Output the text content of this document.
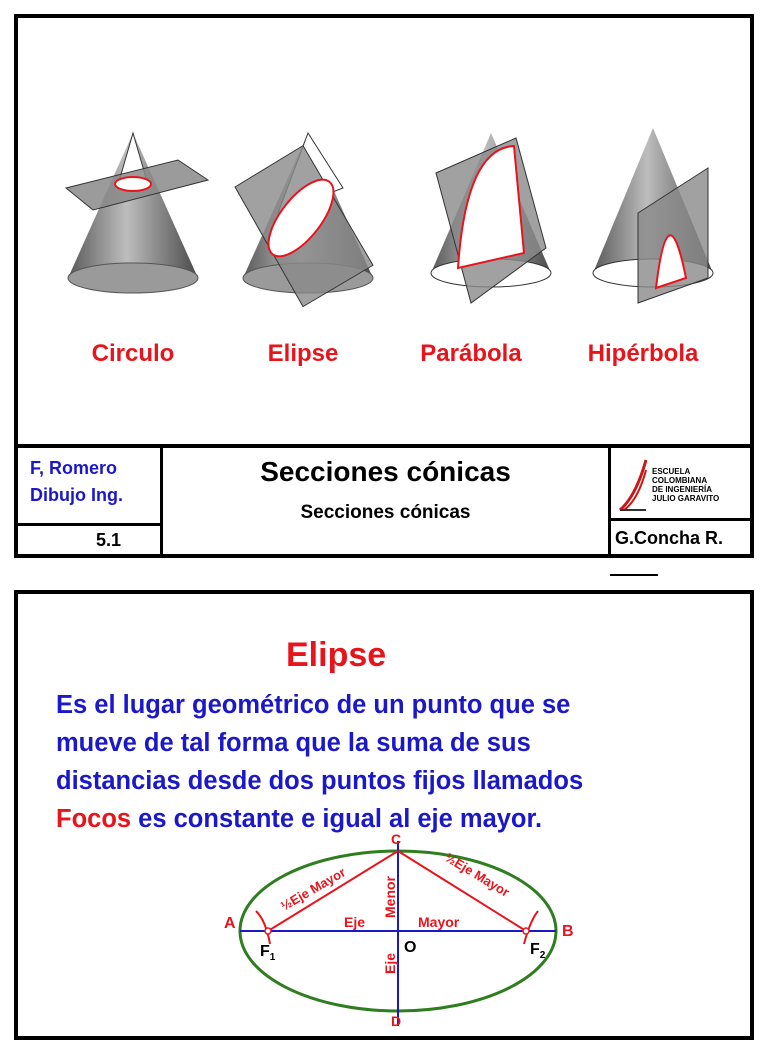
Circulo	Elipse	Parábola	Hipérbola
F, Romero
Dibujo Ing.
5.1
Secciones cónicas
Secciones cónicas
ESCUELA
COLOMBIANA
DE INGENIERÍA
JULIO GARAVITO
G.Concha R.
Elipse
Es el lugar geométrico de un punto que se
mueve de tal forma que la suma de sus
distancias desde dos puntos fijos llamados
Focos es constante e igual al eje mayor.
A	B
C
D
O
$F_1$	$F_2$
½Eje Mayor	½Eje Mayor
Eje	Mayor
Menor
Eje
